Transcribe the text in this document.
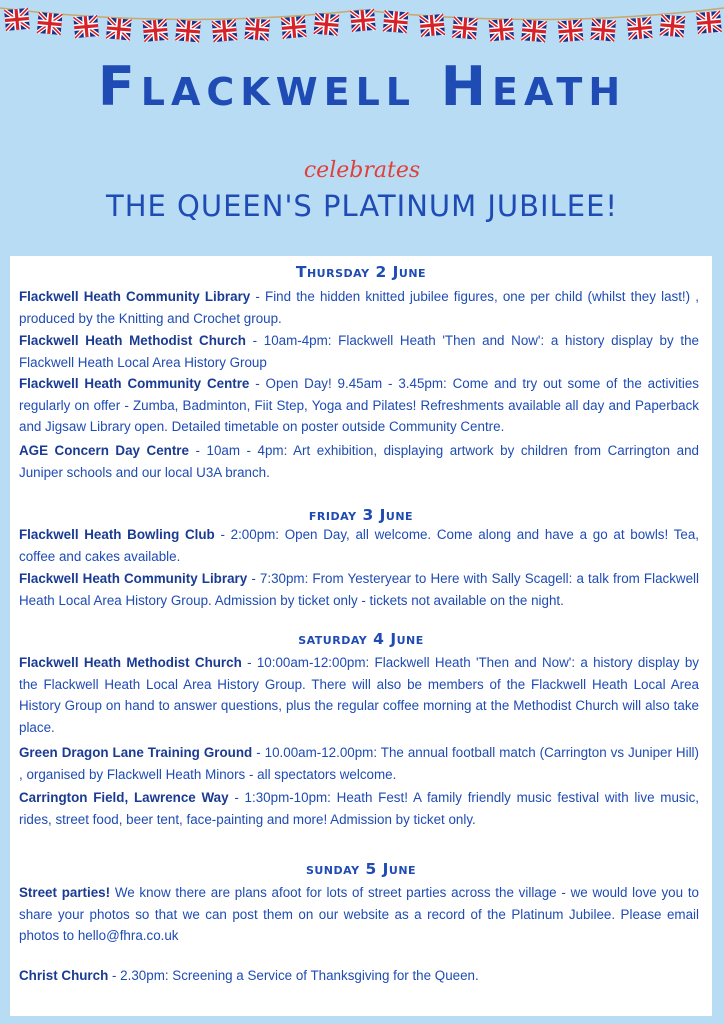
Flackwell Heath
celebrates
THE QUEEN'S PLATINUM JUBILEE!
Thursday 2 June
Flackwell Heath Community Library - Find the hidden knitted jubilee figures, one per child (whilst they last!) , produced by the Knitting and Crochet group.
Flackwell Heath Methodist Church - 10am-4pm: Flackwell Heath 'Then and Now': a history display by the Flackwell Heath Local Area History Group
Flackwell Heath Community Centre - Open Day! 9.45am - 3.45pm: Come and try out some of the activities regularly on offer - Zumba, Badminton, Fiit Step, Yoga and Pilates! Refreshments available all day and Paperback and Jigsaw Library open. Detailed timetable on poster outside Community Centre.
AGE Concern Day Centre - 10am - 4pm: Art exhibition, displaying artwork by children from Carrington and Juniper schools and our local U3A branch.
friday 3 June
Flackwell Heath Bowling Club - 2:00pm: Open Day, all welcome. Come along and have a go at bowls! Tea, coffee and cakes available.
Flackwell Heath Community Library - 7:30pm: From Yesteryear to Here with Sally Scagell: a talk from Flackwell Heath Local Area History Group. Admission by ticket only - tickets not available on the night.
saturday 4 June
Flackwell Heath Methodist Church - 10:00am-12:00pm: Flackwell Heath 'Then and Now': a history display by the Flackwell Heath Local Area History Group. There will also be members of the Flackwell Heath Local Area History Group on hand to answer questions, plus the regular coffee morning at the Methodist Church will also take place.
Green Dragon Lane Training Ground - 10.00am-12.00pm: The annual football match (Carrington vs Juniper Hill) , organised by Flackwell Heath Minors - all spectators welcome.
Carrington Field, Lawrence Way - 1:30pm-10pm: Heath Fest! A family friendly music festival with live music, rides, street food, beer tent, face-painting and more! Admission by ticket only.
sunday 5 June
Street parties! We know there are plans afoot for lots of street parties across the village - we would love you to share your photos so that we can post them on our website as a record of the Platinum Jubilee. Please email photos to hello@fhra.co.uk
Christ Church - 2.30pm: Screening a Service of Thanksgiving for the Queen.
